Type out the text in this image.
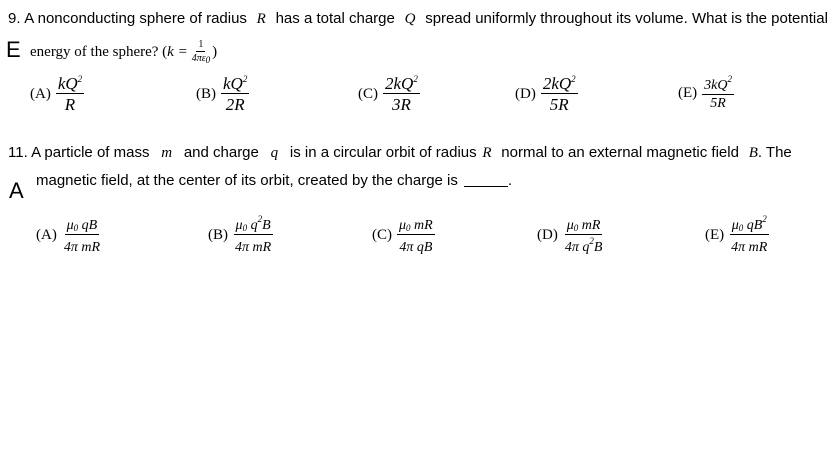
9. A nonconducting sphere of radius R has a total charge Q spread uniformly throughout its volume. What is the potential
E energy of the sphere? ( $k = \frac{1}{4\pi\varepsilon_0}$ )
$(A) \frac{kQ^2}{R}$	$(B) \frac{kQ^2}{2R}$	$(C) \frac{2kQ^2}{3R}$	$(D) \frac{2kQ^2}{5R}$	$(E) \frac{3kQ^2}{5R}$
11. A particle of mass m and charge q is in a circular orbit of radius R normal to an external magnetic field B. The
A magnetic field, at the center of its orbit, created by the charge is	.
$(A) \frac{\mu_0 qB}{\text{4π mR}}$	$(B) \frac{\mu_0 q^2B}{\text{4π mR}}$	$(C) \frac{\mu_0 mR}{\text{4π qB}}$	$(D) \frac{\mu_0 mR}{4\pi q^2B}$	$(E) \frac{\mu_0 qB^2}{\text{4π mR}}$
